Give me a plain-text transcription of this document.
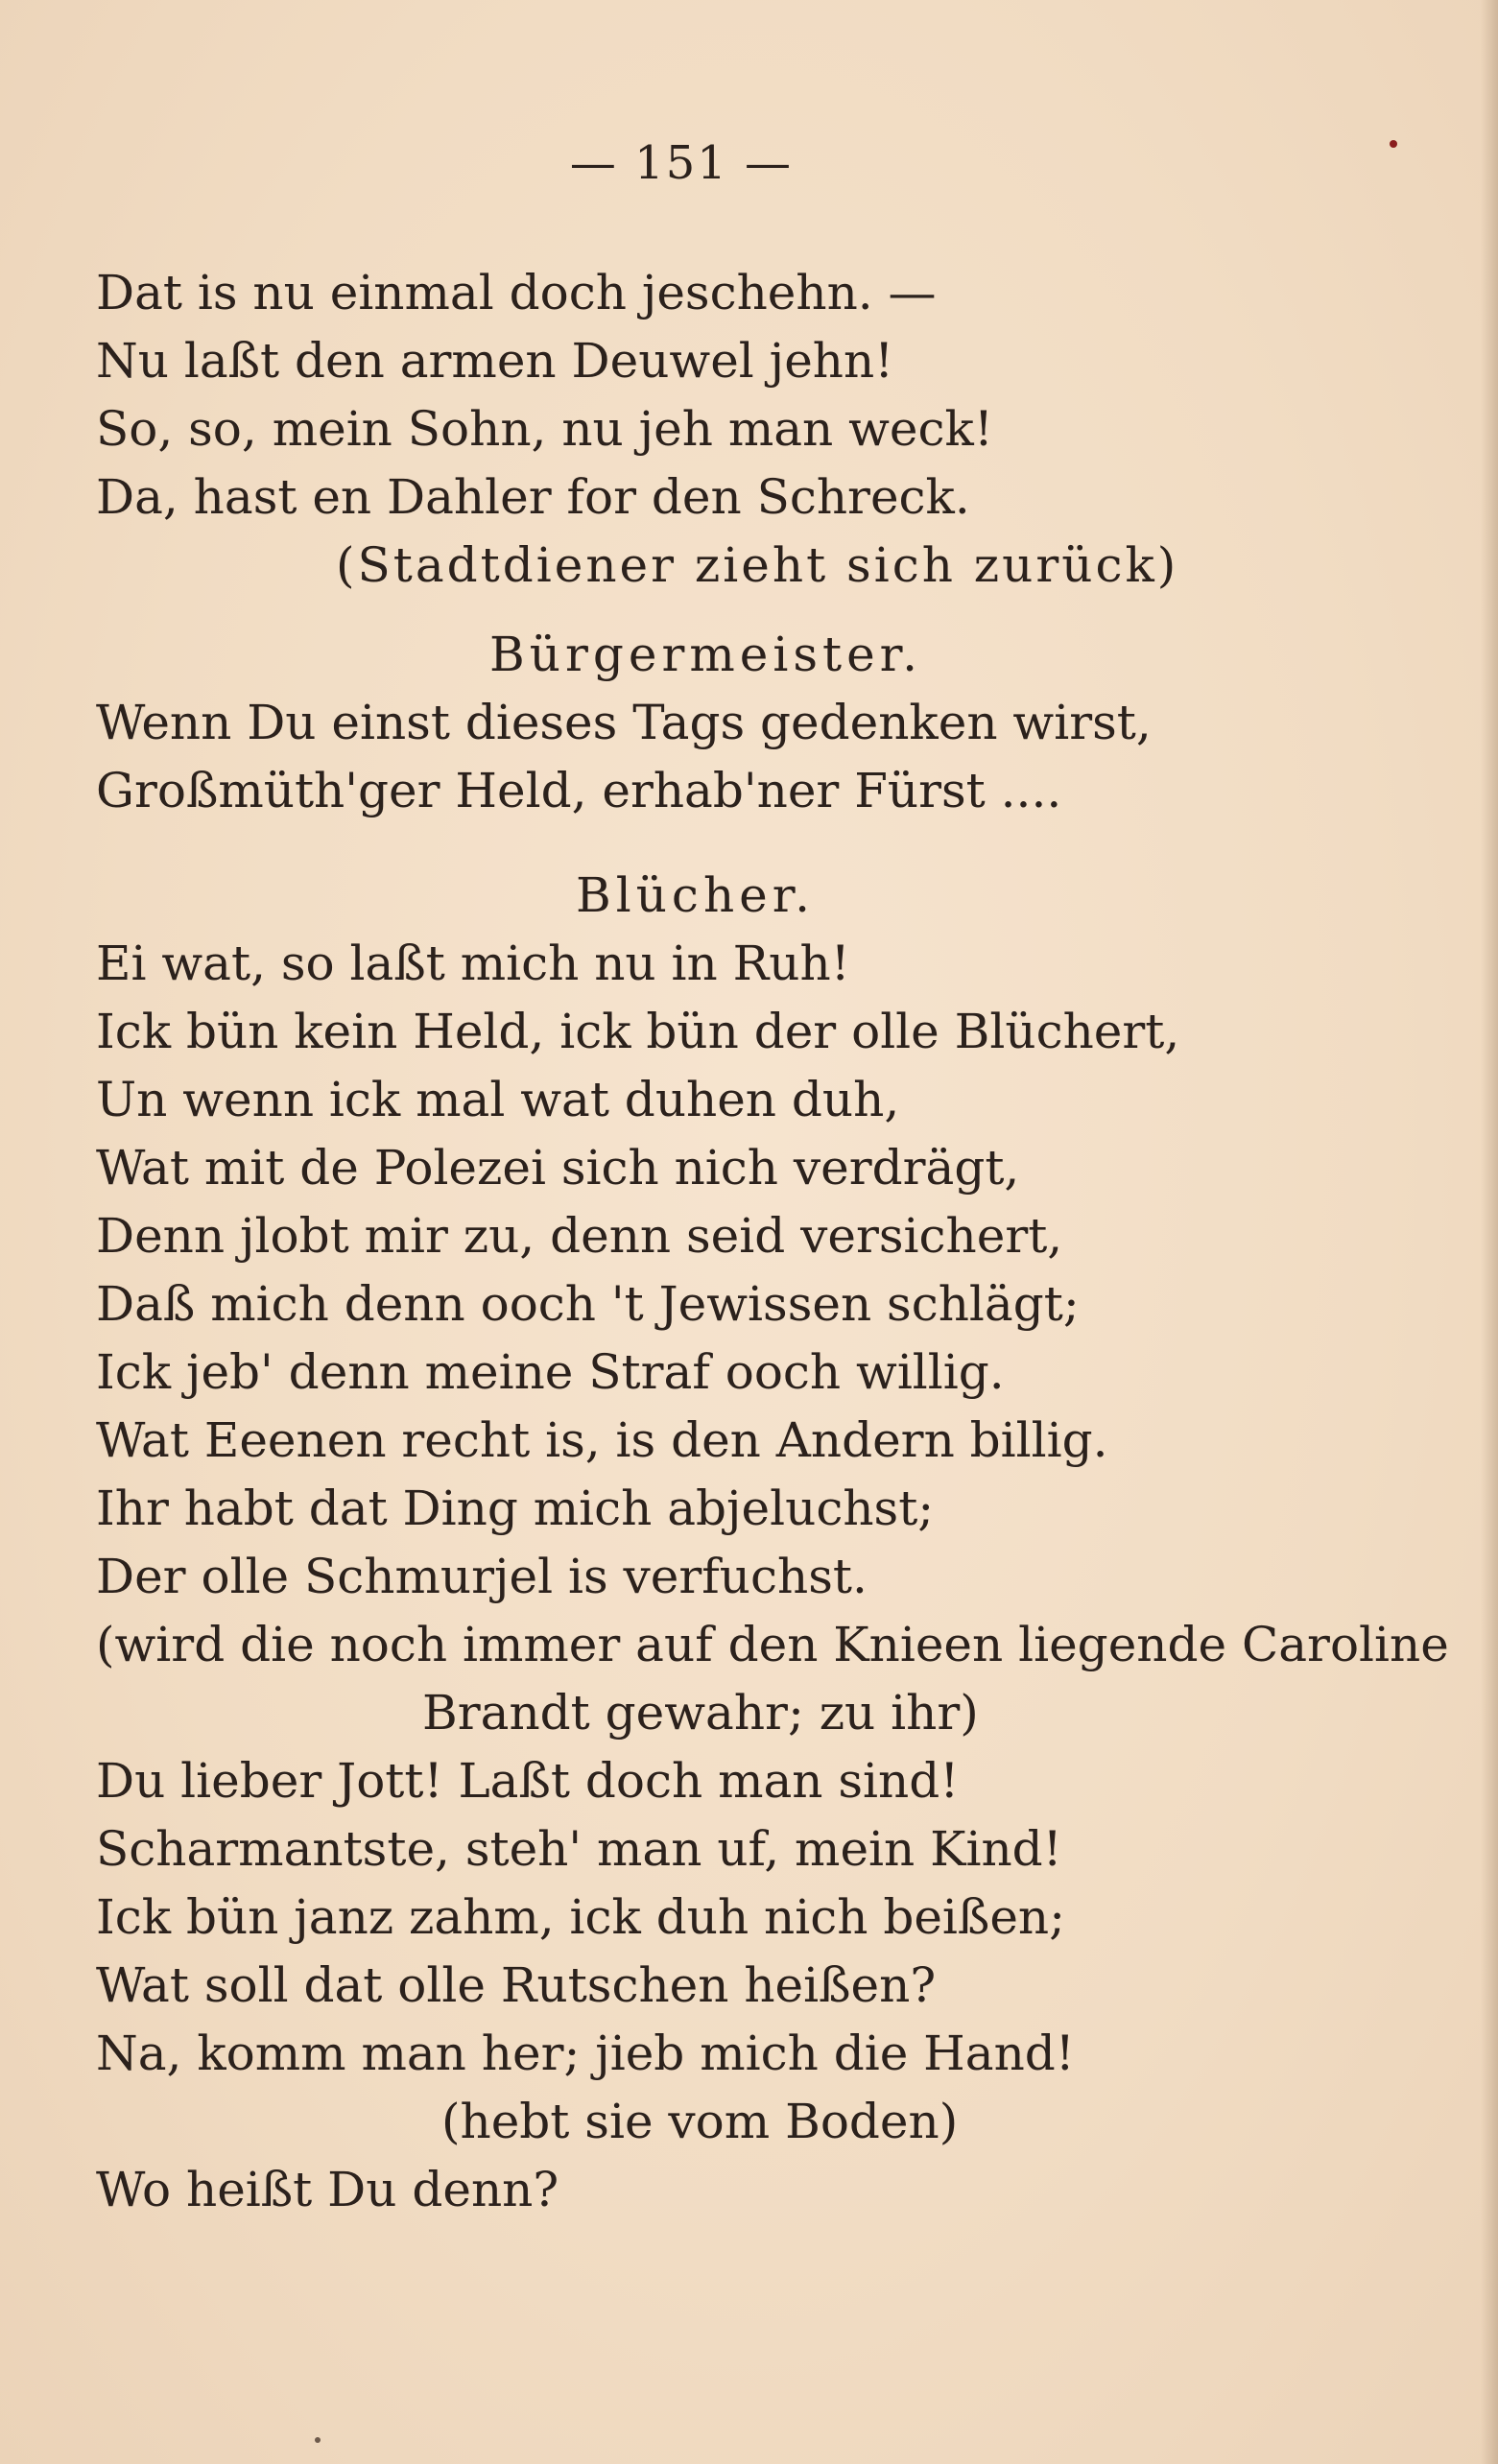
— 151 —
Dat is nu einmal doch jeschehn. —
Nu laßt den armen Deuwel jehn!
So, so, mein Sohn, nu jeh man weck!
Da, hast en Dahler for den Schreck.
(Stadtdiener zieht sich zurück)
Bürgermeister.
Wenn Du einst dieses Tags gedenken wirst,
Großmüth'ger Held, erhab'ner Fürst ....
Blücher.
Ei wat, so laßt mich nu in Ruh!
Ick bün kein Held, ick bün der olle Blüchert,
Un wenn ick mal wat duhen duh,
Wat mit de Polezei sich nich verdrägt,
Denn jlobt mir zu, denn seid versichert,
Daß mich denn ooch 't Jewissen schlägt;
Ick jeb' denn meine Straf ooch willig.
Wat Eeenen recht is, is den Andern billig.
Ihr habt dat Ding mich abjeluchst;
Der olle Schmurjel is verfuchst.
(wird die noch immer auf den Knieen liegende Caroline
Brandt gewahr; zu ihr)
Du lieber Jott! Laßt doch man sind!
Scharmantste, steh' man uf, mein Kind!
Ick bün janz zahm, ick duh nich beißen;
Wat soll dat olle Rutschen heißen?
Na, komm man her; jieb mich die Hand!
(hebt sie vom Boden)
Wo heißt Du denn?
